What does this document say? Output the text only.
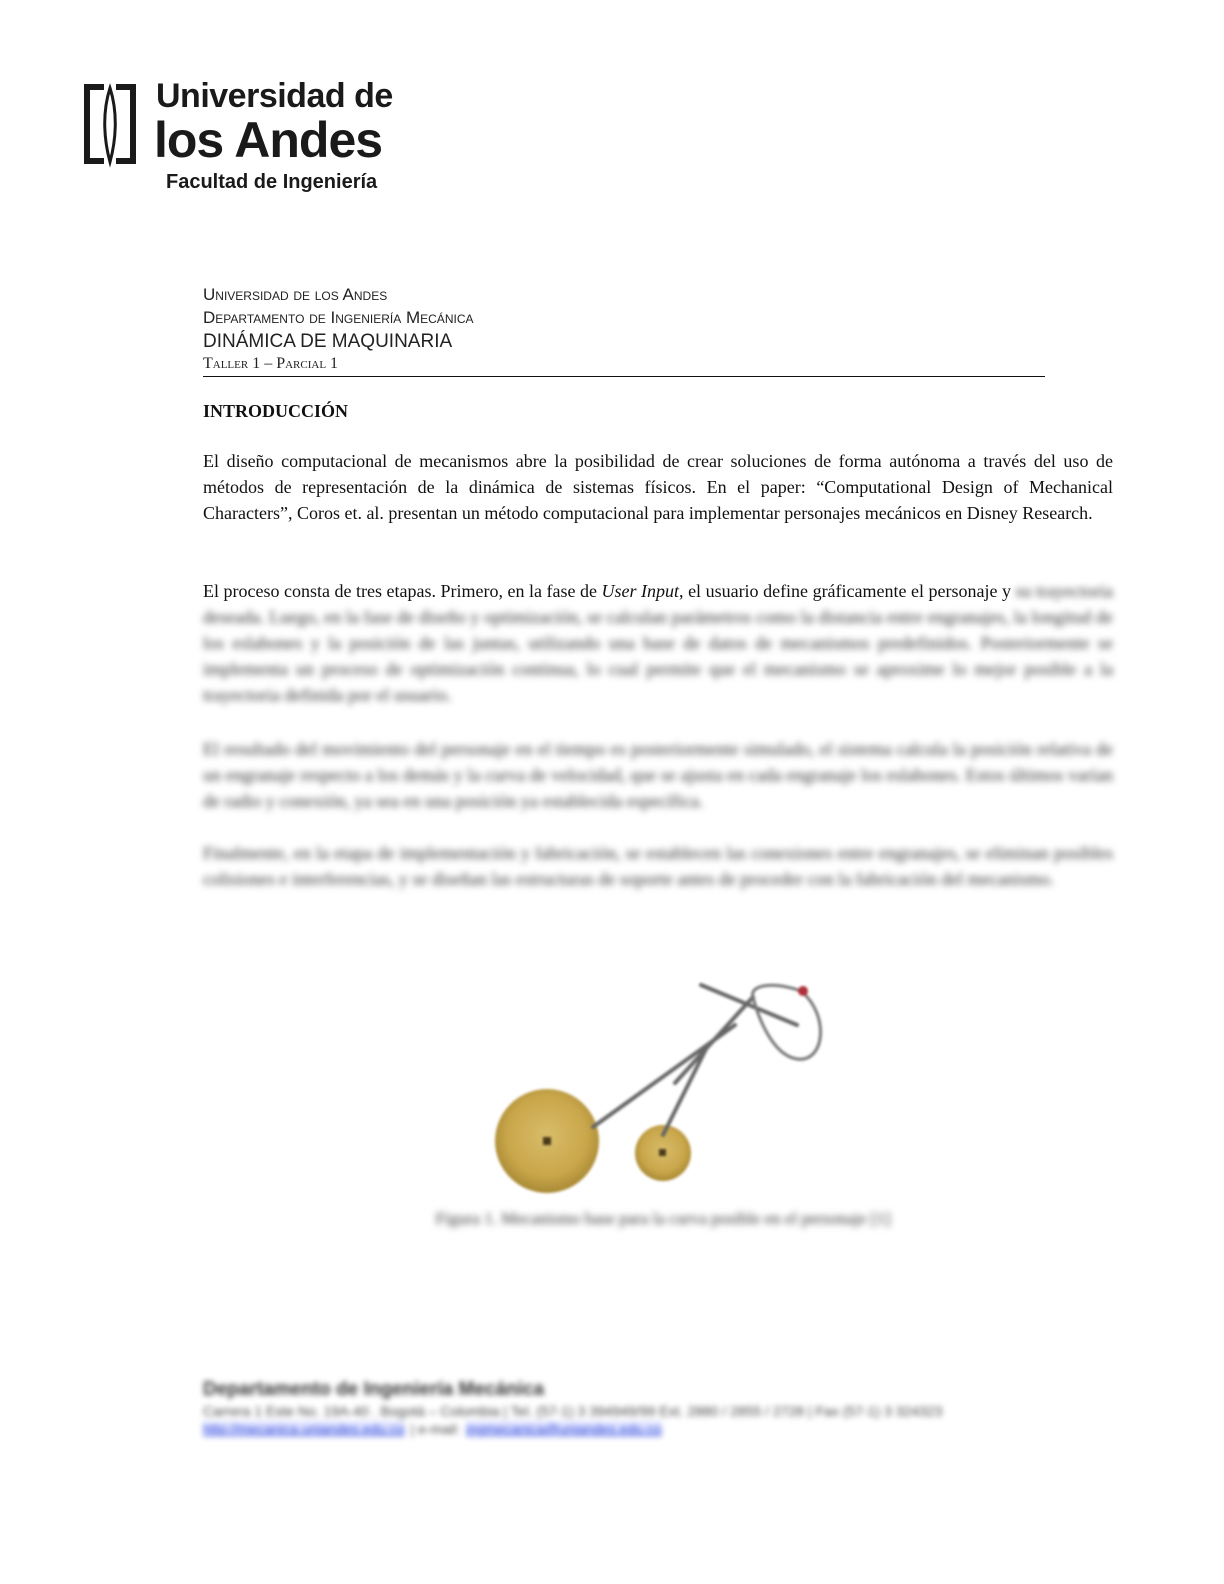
Universidad de
los Andes
Facultad de Ingeniería
Universidad de los Andes
Departamento de Ingeniería Mecánica
DINÁMICA DE MAQUINARIA
Taller 1 – Parcial 1
INTRODUCCIÓN
El diseño computacional de mecanismos abre la posibilidad de crear soluciones de forma autónoma a través del uso de métodos de representación de la dinámica de sistemas físicos. En el paper: “Computational Design of Mechanical Characters”, Coros et. al. presentan un método computacional para implementar personajes mecánicos en Disney Research.
El proceso consta de tres etapas. Primero, en la fase de User Input, el usuario define gráficamente el personaje y su trayectoria deseada. Luego, en la fase de diseño y optimización, se calculan parámetros como la distancia entre engranajes, la longitud de los eslabones y la posición de las juntas, utilizando una base de datos de mecanismos predefinidos. Posteriormente se implementa un proceso de optimización continua, lo cual permite que el mecanismo se aproxime lo mejor posible a la trayectoria definida por el usuario.
El resultado del movimiento del personaje en el tiempo es posteriormente simulado, el sistema calcula la posición relativa de un engranaje respecto a los demás y la curva de velocidad, que se ajusta en cada engranaje los eslabones. Estos últimos varían de radio y conexión, ya sea en una posición ya establecida específica.
Finalmente, en la etapa de implementación y fabricación, se establecen las conexiones entre engranajes, se eliminan posibles colisiones e interferencias, y se diseñan las estructuras de soporte antes de proceder con la fabricación del mecanismo.
Figura 1. Mecanismo base para la curva posible en el personaje [1]
Departamento de Ingeniería Mecánica
Carrera 1 Este No. 19A-40 . Bogotá – Colombia | Tel. (57-1) 3 394949/99 Ext. 2880 / 2855 / 2728 | Fax (57-1) 3 324323
http://mecanica.uniandes.edu.co | e-mail: ingmecanica@uniandes.edu.co
